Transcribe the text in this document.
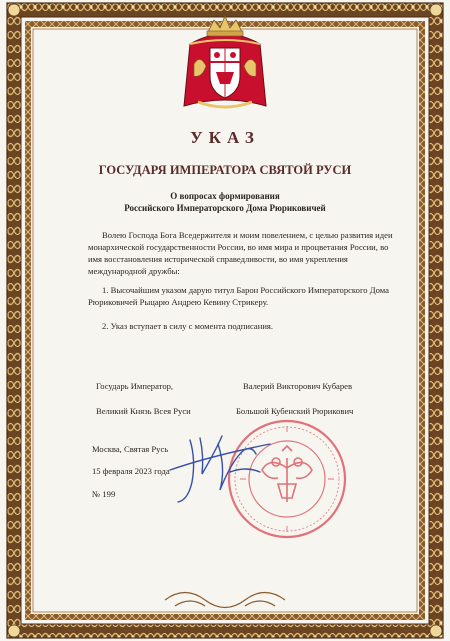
УКАЗ
ГОСУДАРЯ ИМПЕРАТОРА СВЯТОЙ РУСИ

О вопросах формирования

Российского Императорского Дома Рюриковичей

Волею Господа Бога Вседержителя и моим повелением, с целью развития идеи монархической государственности России, во имя мира и процветания России, во имя восстановления исторической справедливости, во имя укрепления международной дружбы:

1. Высочайшим указом дарую титул Барон Российского Императорского Дома Рюриковичей Рыцарю Андрею Кевину Стрикеру.

2. Указ вступает в силу с момента подписания.

Государь Император,

Великий Князь Всея Руси

Валерий Викторович Кубарев

Большой Кубенский Рюрикович

Москва, Святая Русь

15 февраля 2023 года

№ 199
